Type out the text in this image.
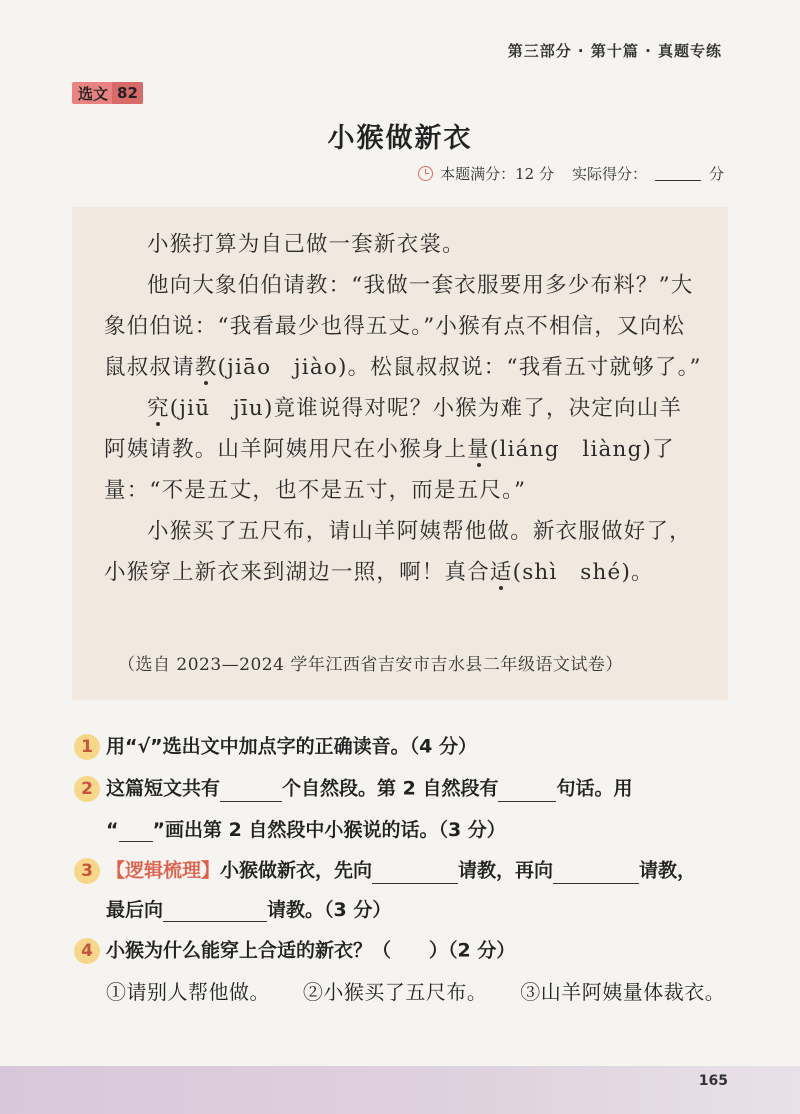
第三部分 · 第十篇 · 真题专练
选文 82
小猴做新衣
本题满分：12 分 实际得分：	分

小猴打算为自己做一套新衣裳。

他向大象伯伯请教：“我做一套衣服要用多少布料？”大象伯伯说：“我看最少也得五丈。”小猴有点不相信，又向松鼠叔叔请教(jiāo　jiào)。松鼠叔叔说：“我看五寸就够了。”

究(jiū　jīu)竟谁说得对呢？小猴为难了，决定向山羊阿姨请教。山羊阿姨用尺在小猴身上量(liáng　liàng)了量：“不是五丈，也不是五寸，而是五尺。”

小猴买了五尺布，请山羊阿姨帮他做。新衣服做好了，小猴穿上新衣来到湖边一照，啊！真合适(shì　shé)。

（选自 2023—2024 学年江西省吉安市吉水县二年级语文试卷）
1 用“√”选出文中加点字的正确读音。（4 分）
2 这篇短文共有	个自然段。第 2 自然段有	句话。用
“ ”画出第 2 自然段中小猴说的话。（3 分）
3 【逻辑梳理】小猴做新衣，先向	请教，再向	请教，
最后向	请教。（3 分）
4 小猴为什么能穿上合适的新衣？（　　）（2 分）
①请别人帮他做。 ②小猴买了五尺布。 ③山羊阿姨量体裁衣。
165
